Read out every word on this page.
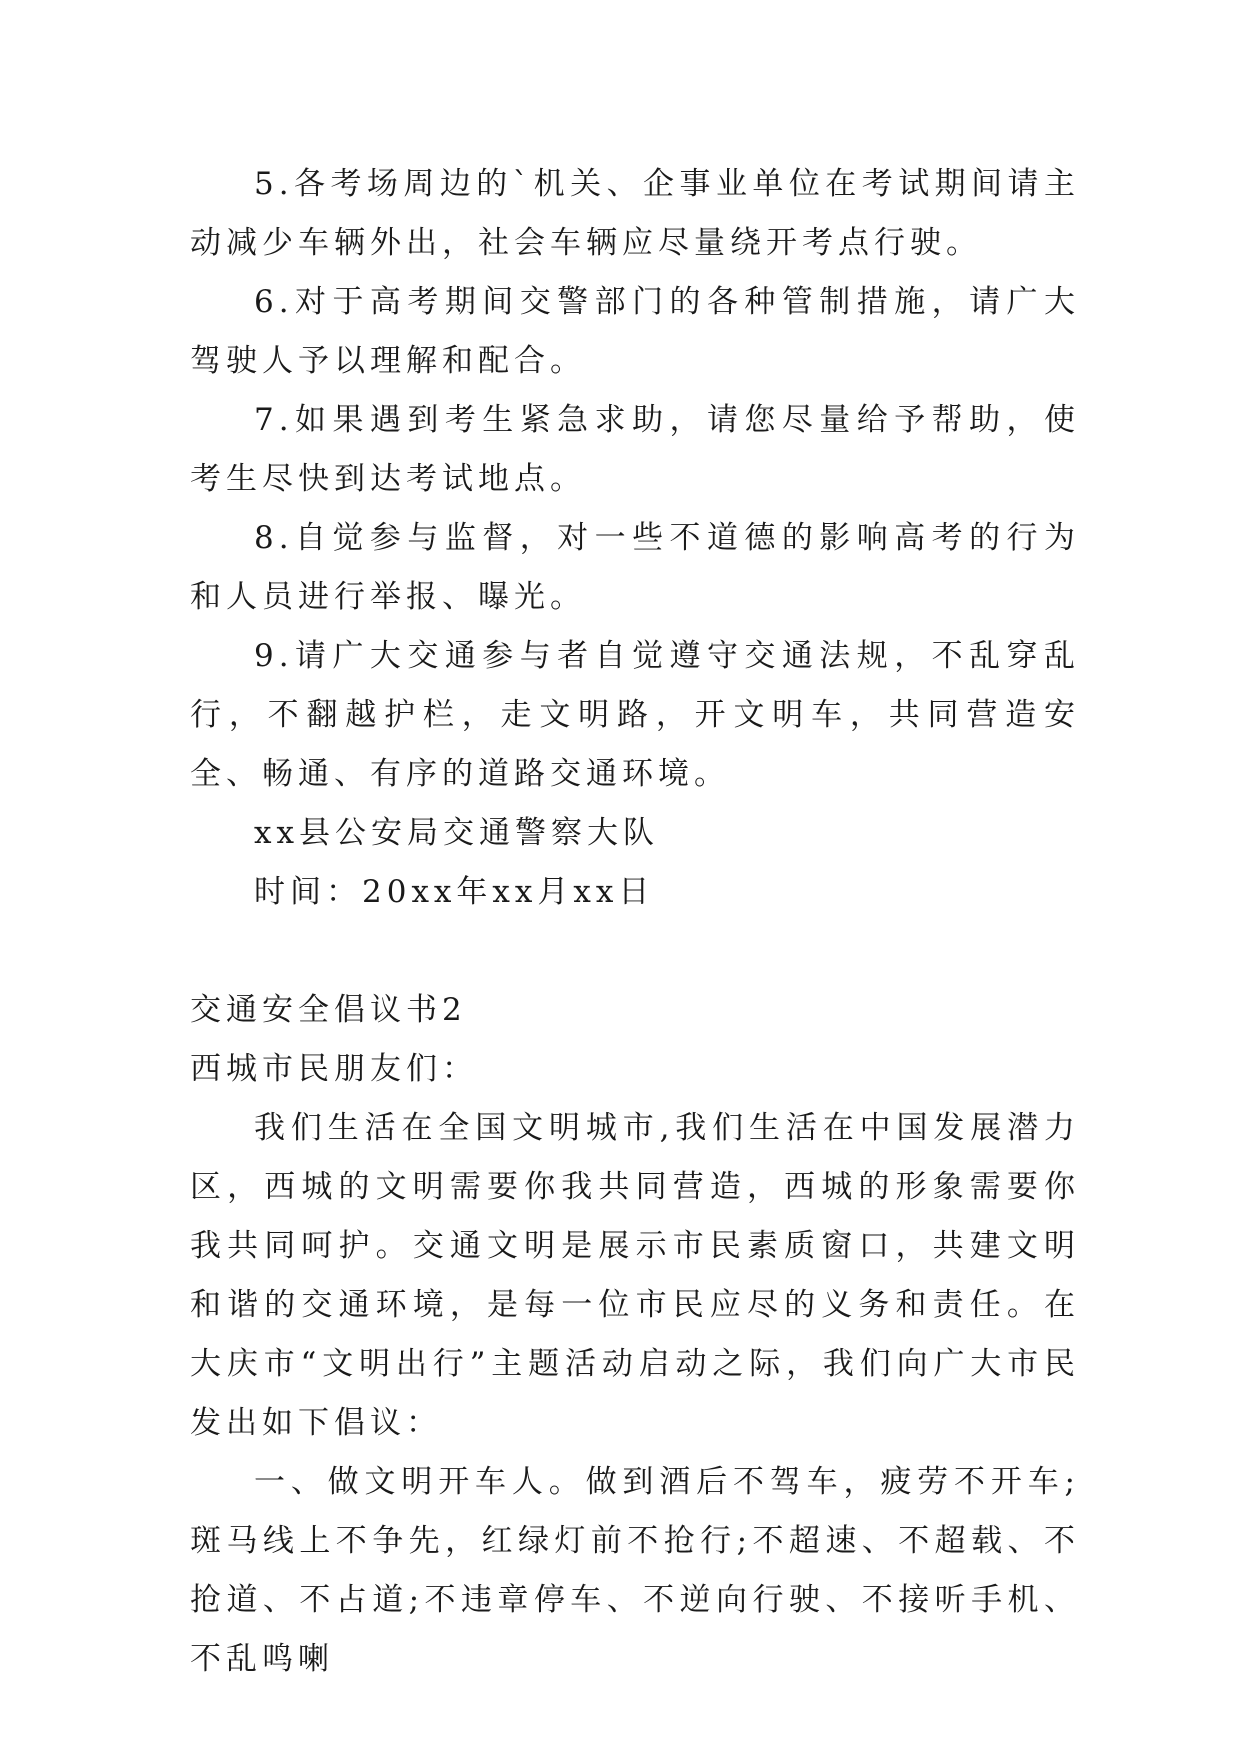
5.各考场周边的`机关、企事业单位在考试期间请主动减少车辆外出，社会车辆应尽量绕开考点行驶。

6.对于高考期间交警部门的各种管制措施，请广大驾驶人予以理解和配合。

7.如果遇到考生紧急求助，请您尽量给予帮助，使考生尽快到达考试地点。

8.自觉参与监督，对一些不道德的影响高考的行为和人员进行举报、曝光。

9.请广大交通参与者自觉遵守交通法规，不乱穿乱行，不翻越护栏，走文明路，开文明车，共同营造安全、畅通、有序的道路交通环境。

xx县公安局交通警察大队

时间：20xx年xx月xx日

交通安全倡议书2

西城市民朋友们：

我们生活在全国文明城市,我们生活在中国发展潜力区，西城的文明需要你我共同营造，西城的形象需要你我共同呵护。交通文明是展示市民素质窗口，共建文明和谐的交通环境，是每一位市民应尽的义务和责任。在大庆市“文明出行”主题活动启动之际，我们向广大市民发出如下倡议：

一、做文明开车人。做到酒后不驾车，疲劳不开车;斑马线上不争先，红绿灯前不抢行;不超速、不超载、不抢道、不占道;不违章停车、不逆向行驶、不接听手机、不乱鸣喇
